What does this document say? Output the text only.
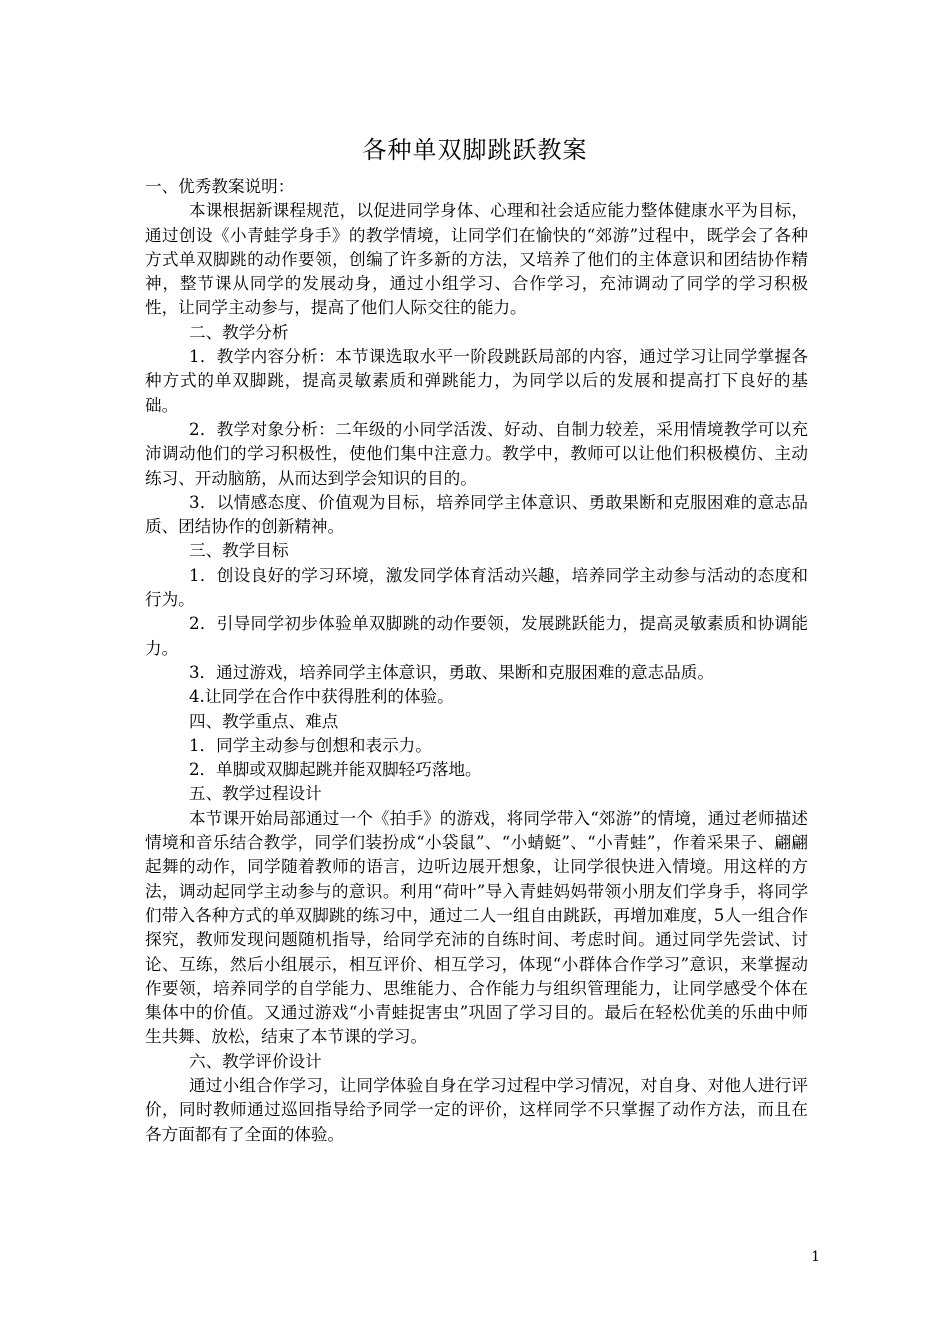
各种单双脚跳跃教案

一、优秀教案说明：

本课根据新课程规范，以促进同学身体、心理和社会适应能力整体健康水平为目标，通过创设《小青蛙学身手》的教学情境，让同学们在愉快的“郊游”过程中，既学会了各种方式单双脚跳的动作要领，创编了许多新的方法，又培养了他们的主体意识和团结协作精神，整节课从同学的发展动身，通过小组学习、合作学习，充沛调动了同学的学习积极性，让同学主动参与，提高了他们人际交往的能力。

二、教学分析

1．教学内容分析：本节课选取水平一阶段跳跃局部的内容，通过学习让同学掌握各种方式的单双脚跳，提高灵敏素质和弹跳能力，为同学以后的发展和提高打下良好的基础。

2．教学对象分析：二年级的小同学活泼、好动、自制力较差，采用情境教学可以充沛调动他们的学习积极性，使他们集中注意力。教学中，教师可以让他们积极模仿、主动练习、开动脑筋，从而达到学会知识的目的。

3．以情感态度、价值观为目标，培养同学主体意识、勇敢果断和克服困难的意志品质、团结协作的创新精神。

三、教学目标

1．创设良好的学习环境，激发同学体育活动兴趣，培养同学主动参与活动的态度和行为。

2．引导同学初步体验单双脚跳的动作要领，发展跳跃能力，提高灵敏素质和协调能力。

3．通过游戏，培养同学主体意识，勇敢、果断和克服困难的意志品质。

4.让同学在合作中获得胜利的体验。

四、教学重点、难点

1．同学主动参与创想和表示力。

2．单脚或双脚起跳并能双脚轻巧落地。

五、教学过程设计

本节课开始局部通过一个《拍手》的游戏，将同学带入“郊游”的情境，通过老师描述情境和音乐结合教学，同学们装扮成“小袋鼠”、“小蜻蜓”、“小青蛙”，作着采果子、翩翩起舞的动作，同学随着教师的语言，边听边展开想象，让同学很快进入情境。用这样的方法，调动起同学主动参与的意识。利用“荷叶”导入青蛙妈妈带领小朋友们学身手，将同学们带入各种方式的单双脚跳的练习中，通过二人一组自由跳跃，再增加难度，5人一组合作探究，教师发现问题随机指导，给同学充沛的自练时间、考虑时间。通过同学先尝试、讨论、互练，然后小组展示，相互评价、相互学习，体现“小群体合作学习”意识，来掌握动作要领，培养同学的自学能力、思维能力、合作能力与组织管理能力，让同学感受个体在集体中的价值。又通过游戏“小青蛙捉害虫”巩固了学习目的。最后在轻松优美的乐曲中师生共舞、放松，结束了本节课的学习。

六、教学评价设计

通过小组合作学习，让同学体验自身在学习过程中学习情况，对自身、对他人进行评价，同时教师通过巡回指导给予同学一定的评价，这样同学不只掌握了动作方法，而且在各方面都有了全面的体验。

1
